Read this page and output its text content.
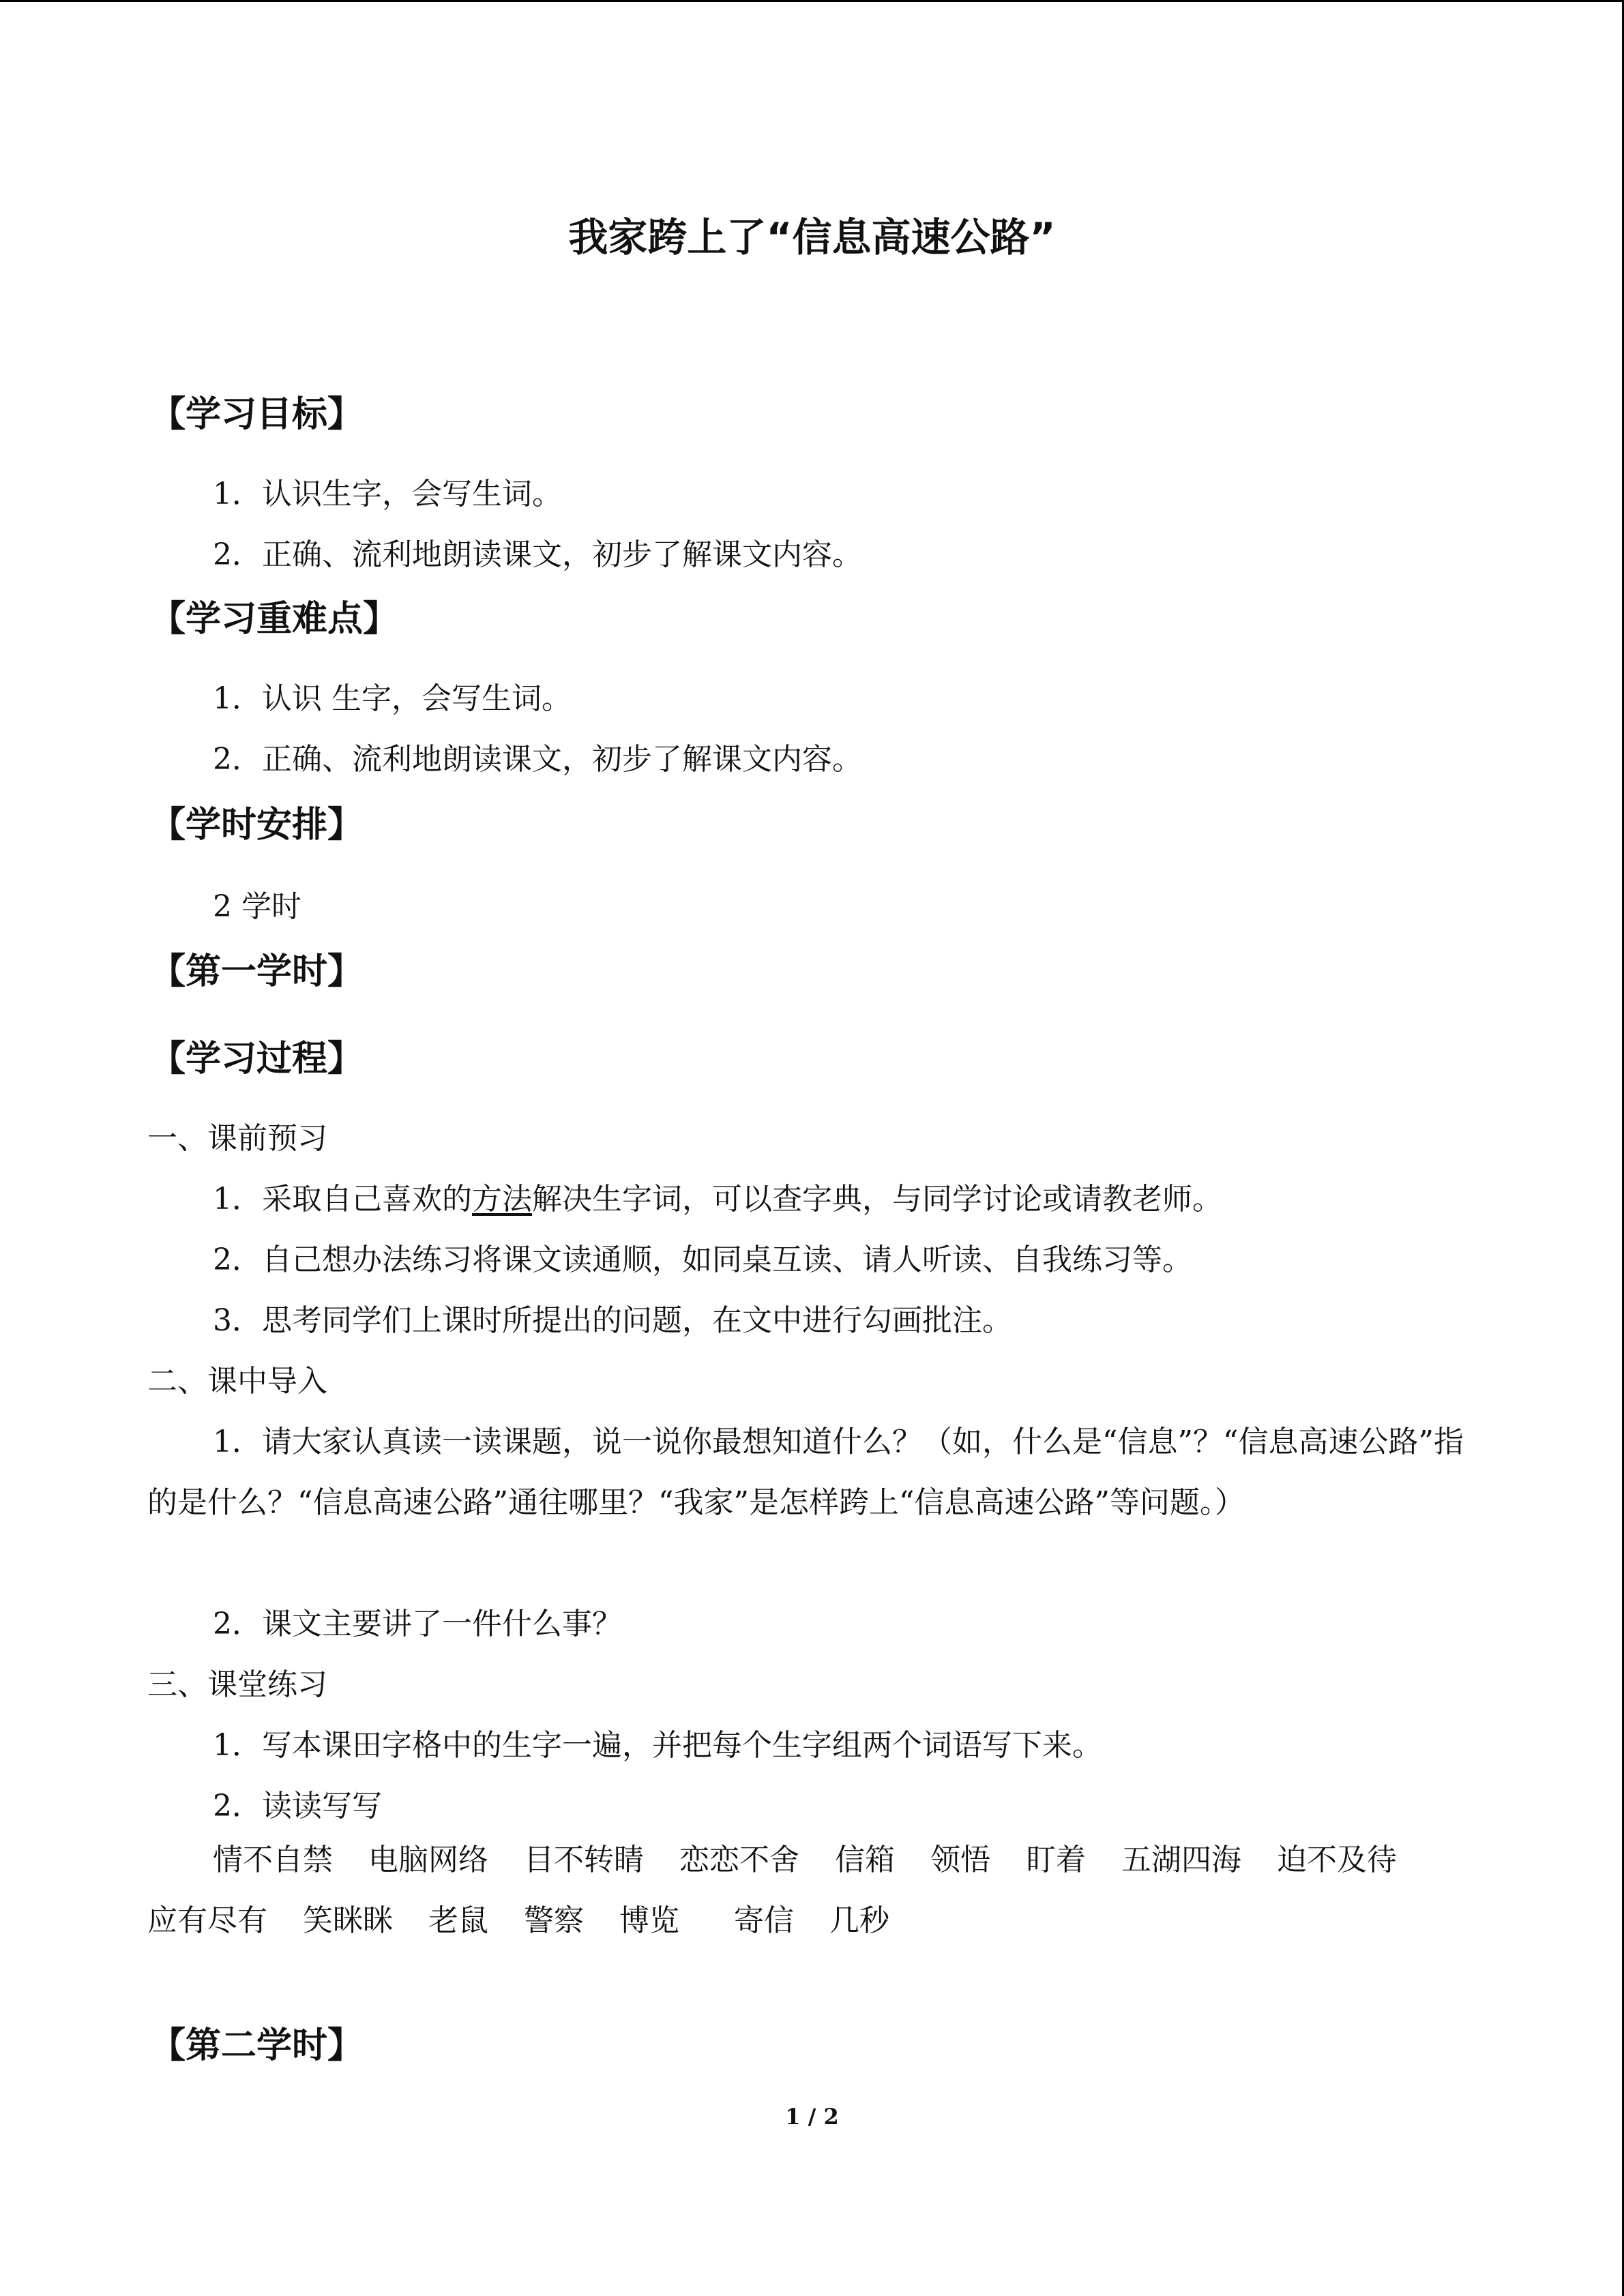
我家跨上了“信息高速公路”
【学习目标】
1．认识生字，会写生词。
2．正确、流利地朗读课文，初步了解课文内容。
【学习重难点】
1．认识 生字，会写生词。
2．正确、流利地朗读课文，初步了解课文内容。
【学时安排】
2 学时
【第一学时】
【学习过程】
一、课前预习
1．采取自己喜欢的方法解决生字词，可以查字典，与同学讨论或请教老师。
2．自己想办法练习将课文读通顺，如同桌互读、请人听读、自我练习等。
3．思考同学们上课时所提出的问题，在文中进行勾画批注。
二、课中导入
1．请大家认真读一读课题，说一说你最想知道什么？（如，什么是“信息”？“信息高速公路”指的是什么？“信息高速公路”通往哪里？“我家”是怎样跨上“信息高速公路”等问题。）
2．课文主要讲了一件什么事？
三、课堂练习
1．写本课田字格中的生字一遍，并把每个生字组两个词语写下来。
2．读读写写
情不自禁 电脑网络 目不转睛 恋恋不舍 信箱 领悟 盯着 五湖四海 迫不及待应有尽有 笑眯眯 老鼠 警察 博览 寄信 几秒
【第二学时】
1 / 2
